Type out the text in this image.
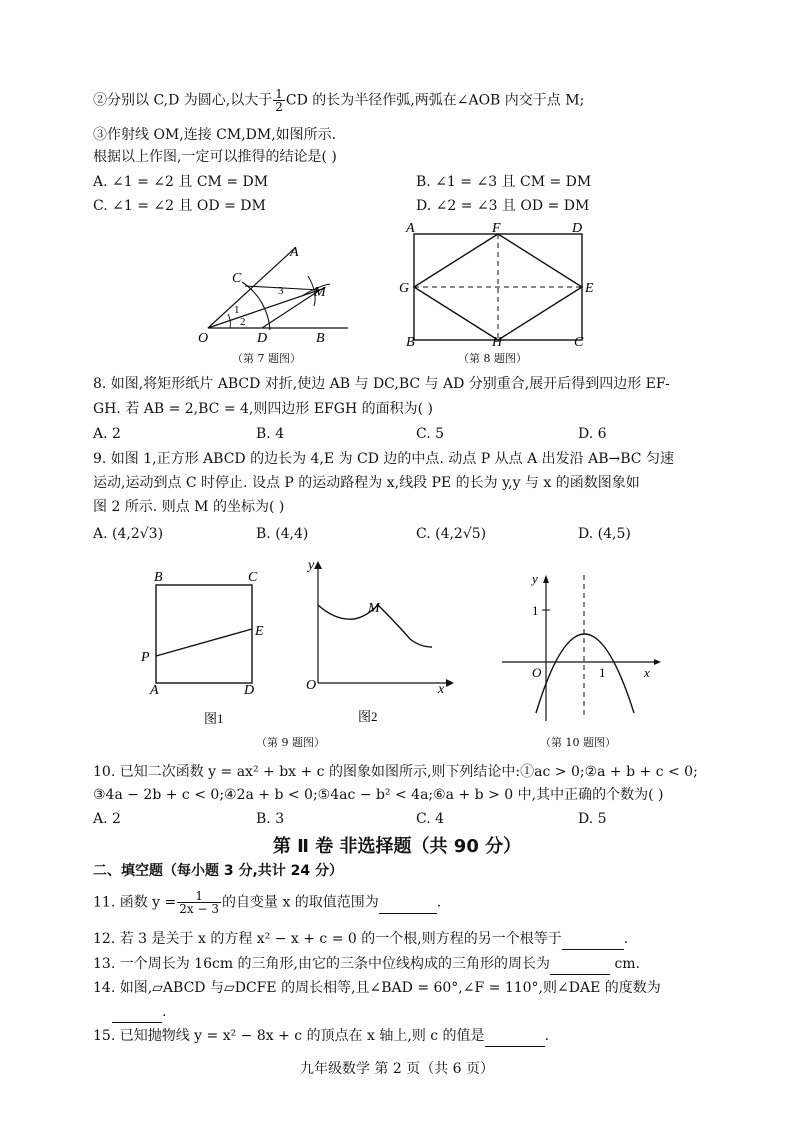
②分别以 C,D 为圆心,以大于 $\frac{1}{2}$ CD 的长为半径作弧,两弧在∠AOB 内交于点 M;
③作射线 OM,连接 CM,DM,如图所示.
根据以上作图,一定可以推得的结论是( )
A. ∠1 = ∠2 且 CM = DM	B. ∠1 = ∠3 且 CM = DM
C. ∠1 = ∠2 且 OD = DM	D. ∠2 = ∠3 且 OD = DM
A
B
C
D
O
M
1
2
3
（第 7 题图）
A	F	D
G	E
B	H	C
（第 8 题图）
8. 如图,将矩形纸片 ABCD 对折,使边 AB 与 DC,BC 与 AD 分别重合,展开后得到四边形 EF-
GH. 若 AB = 2,BC = 4,则四边形 EFGH 的面积为( )
A. 2	B. 4	C. 5	D. 6
9. 如图 1,正方形 ABCD 的边长为 4,E 为 CD 边的中点. 动点 P 从点 A 出发沿 AB→BC 匀速
运动,运动到点 C 时停止. 设点 P 的运动路程为 x,线段 PE 的长为 y,y 与 x 的函数图象如
图 2 所示. 则点 M 的坐标为( )
A. (4,2√3)	B. (4,4)	C. (4,2√5)	D. (4,5)
B	C
E
P
A	D
图1
y
x
O
M
图2
（第 9 题图）
y
x
O
1
1
（第 10 题图）
10. 已知二次函数 y = ax² + bx + c 的图象如图所示,则下列结论中:①ac > 0;②a + b + c < 0;
③4a − 2b + c < 0;④2a + b < 0;⑤4ac − b² < 4a;⑥a + b > 0 中,其中正确的个数为( )
A. 2	B. 3	C. 4	D. 5
第 Ⅱ 卷 非选择题（共 90 分）
二、填空题（每小题 3 分,共计 24 分）
11. 函数 $y = \frac{1}{2x - 3}$ 的自变量 x 的取值范围为	.
12. 若 3 是关于 x 的方程 x² − x + c = 0 的一个根,则方程的另一个根等于	.
13. 一个周长为 16cm 的三角形,由它的三条中位线构成的三角形的周长为	cm.
14. 如图,▱ABCD 与▱DCFE 的周长相等,且∠BAD = 60°,∠F = 110°,则∠DAE 的度数为
.
15. 已知抛物线 y = x² − 8x + c 的顶点在 x 轴上,则 c 的值是	.
九年级数学 第 2 页（共 6 页）
